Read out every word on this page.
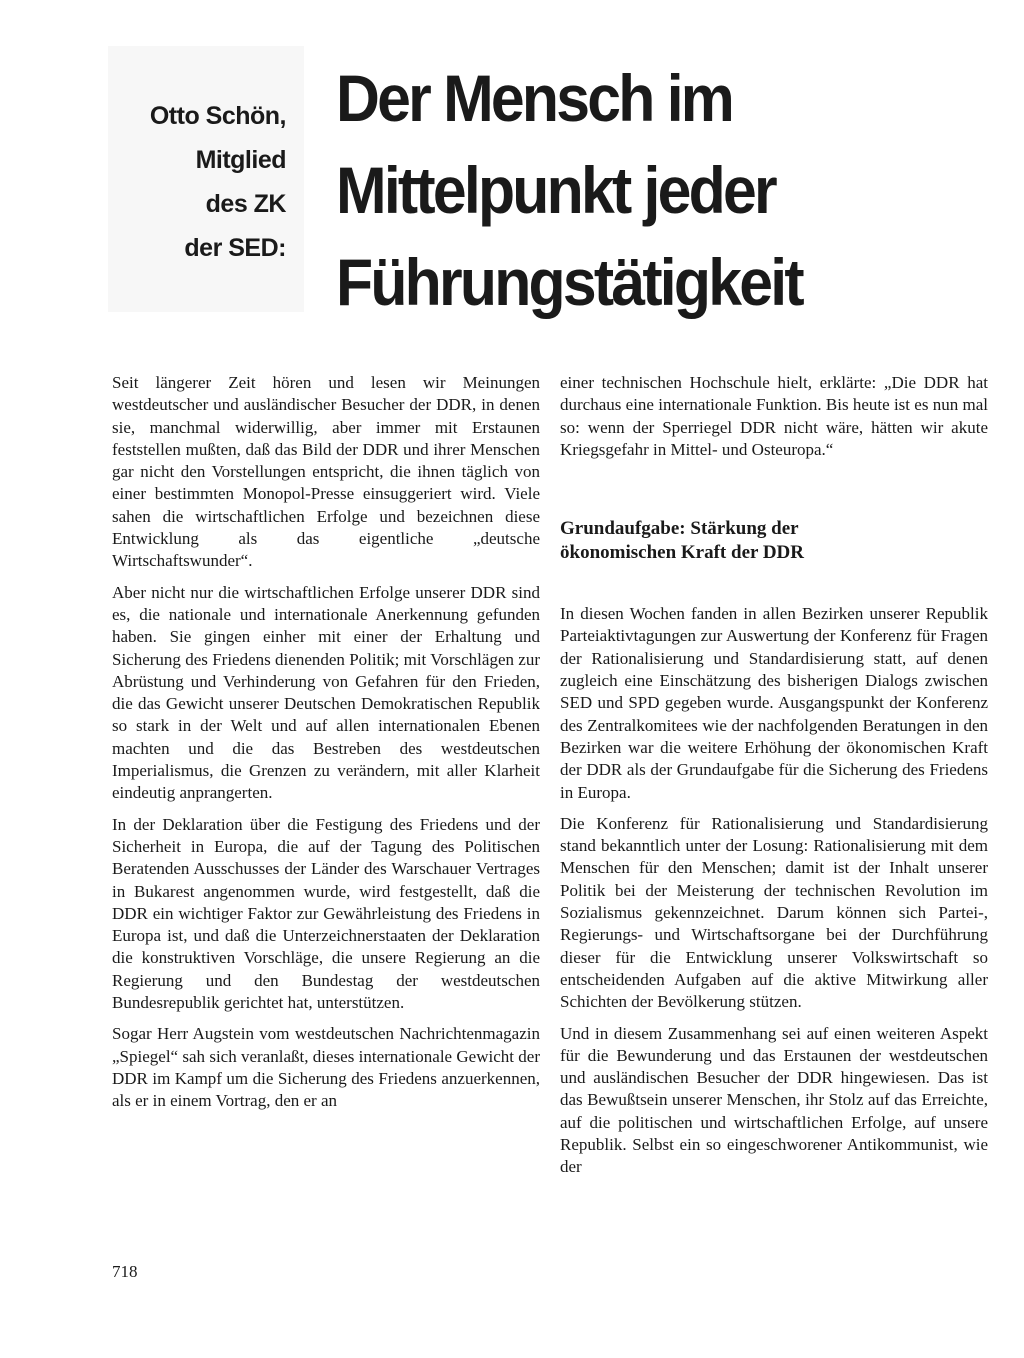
Otto Schön,
Mitglied
des ZK
der SED:
Der Mensch im
Mittelpunkt jeder
Führungstätigkeit

Seit längerer Zeit hören und lesen wir Meinungen westdeutscher und ausländischer Besucher der DDR, in denen sie, manchmal widerwillig, aber immer mit Erstaunen feststellen mußten, daß das Bild der DDR und ihrer Menschen gar nicht den Vorstellungen entspricht, die ihnen täglich von einer bestimmten Monopol-Presse einsuggeriert wird. Viele sahen die wirtschaftlichen Erfolge und bezeichnen diese Entwicklung als das eigentliche „deutsche Wirtschaftswunder“.

Aber nicht nur die wirtschaftlichen Erfolge unserer DDR sind es, die nationale und internationale Anerkennung gefunden haben. Sie gingen einher mit einer der Erhaltung und Sicherung des Friedens dienenden Politik; mit Vorschlägen zur Abrüstung und Verhinderung von Gefahren für den Frieden, die das Gewicht unserer Deutschen Demokratischen Republik so stark in der Welt und auf allen internationalen Ebenen machten und die das Bestreben des westdeutschen Imperialismus, die Grenzen zu verändern, mit aller Klarheit eindeutig anprangerten.

In der Deklaration über die Festigung des Friedens und der Sicherheit in Europa, die auf der Tagung des Politischen Beratenden Ausschusses der Länder des Warschauer Vertrages in Bukarest angenommen wurde, wird festgestellt, daß die DDR ein wichtiger Faktor zur Gewährleistung des Friedens in Europa ist, und daß die Unterzeichnerstaaten der Deklaration die konstruktiven Vorschläge, die unsere Regierung an die Regierung und den Bundestag der westdeutschen Bundesrepublik gerichtet hat, unterstützen.

Sogar Herr Augstein vom westdeutschen Nachrichtenmagazin „Spiegel“ sah sich veranlaßt, dieses internationale Gewicht der DDR im Kampf um die Sicherung des Friedens anzuerkennen, als er in einem Vortrag, den er an

einer technischen Hochschule hielt, erklärte: „Die DDR hat durchaus eine internationale Funktion. Bis heute ist es nun mal so: wenn der Sperriegel DDR nicht wäre, hätten wir akute Kriegsgefahr in Mittel- und Osteuropa.“

Grundaufgabe: Stärkung der
ökonomischen Kraft der DDR

In diesen Wochen fanden in allen Bezirken unserer Republik Parteiaktivtagungen zur Auswertung der Konferenz für Fragen der Rationalisierung und Standardisierung statt, auf denen zugleich eine Einschätzung des bisherigen Dialogs zwischen SED und SPD gegeben wurde. Ausgangspunkt der Konferenz des Zentralkomitees wie der nachfolgenden Beratungen in den Bezirken war die weitere Erhöhung der ökonomischen Kraft der DDR als der Grundaufgabe für die Sicherung des Friedens in Europa.

Die Konferenz für Rationalisierung und Standardisierung stand bekanntlich unter der Losung: Rationalisierung mit dem Menschen für den Menschen; damit ist der Inhalt unserer Politik bei der Meisterung der technischen Revolution im Sozialismus gekennzeichnet. Darum können sich Partei-, Regierungs- und Wirtschaftsorgane bei der Durchführung dieser für die Entwicklung unserer Volkswirtschaft so entscheidenden Aufgaben auf die aktive Mitwirkung aller Schichten der Bevölkerung stützen.

Und in diesem Zusammenhang sei auf einen weiteren Aspekt für die Bewunderung und das Erstaunen der westdeutschen und ausländischen Besucher der DDR hingewiesen. Das ist das Bewußtsein unserer Menschen, ihr Stolz auf das Erreichte, auf die politischen und wirtschaftlichen Erfolge, auf unsere Republik. Selbst ein so eingeschworener Antikommunist, wie der

718
